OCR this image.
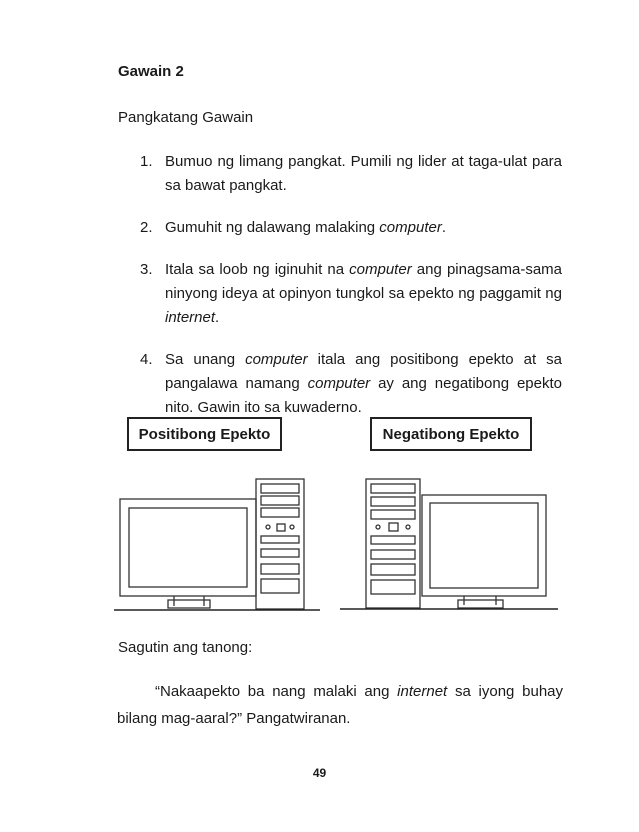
Gawain 2
Pangkatang Gawain
1. Bumuo ng limang pangkat. Pumili ng lider at taga-ulat para sa bawat pangkat.
2. Gumuhit ng dalawang malaking computer.
3. Itala sa loob ng iginuhit na computer ang pinagsama-sama ninyong ideya at opinyon tungkol sa epekto ng paggamit ng internet.
4. Sa unang computer itala ang positibong epekto at sa pangalawa namang computer ay ang negatibong epekto nito. Gawin ito sa kuwaderno.
Positibong Epekto	Negatibong Epekto
Sagutin ang tanong:
“Nakaapekto ba nang malaki ang internet sa iyong buhay bilang mag-aaral?” Pangatwiranan.
49
